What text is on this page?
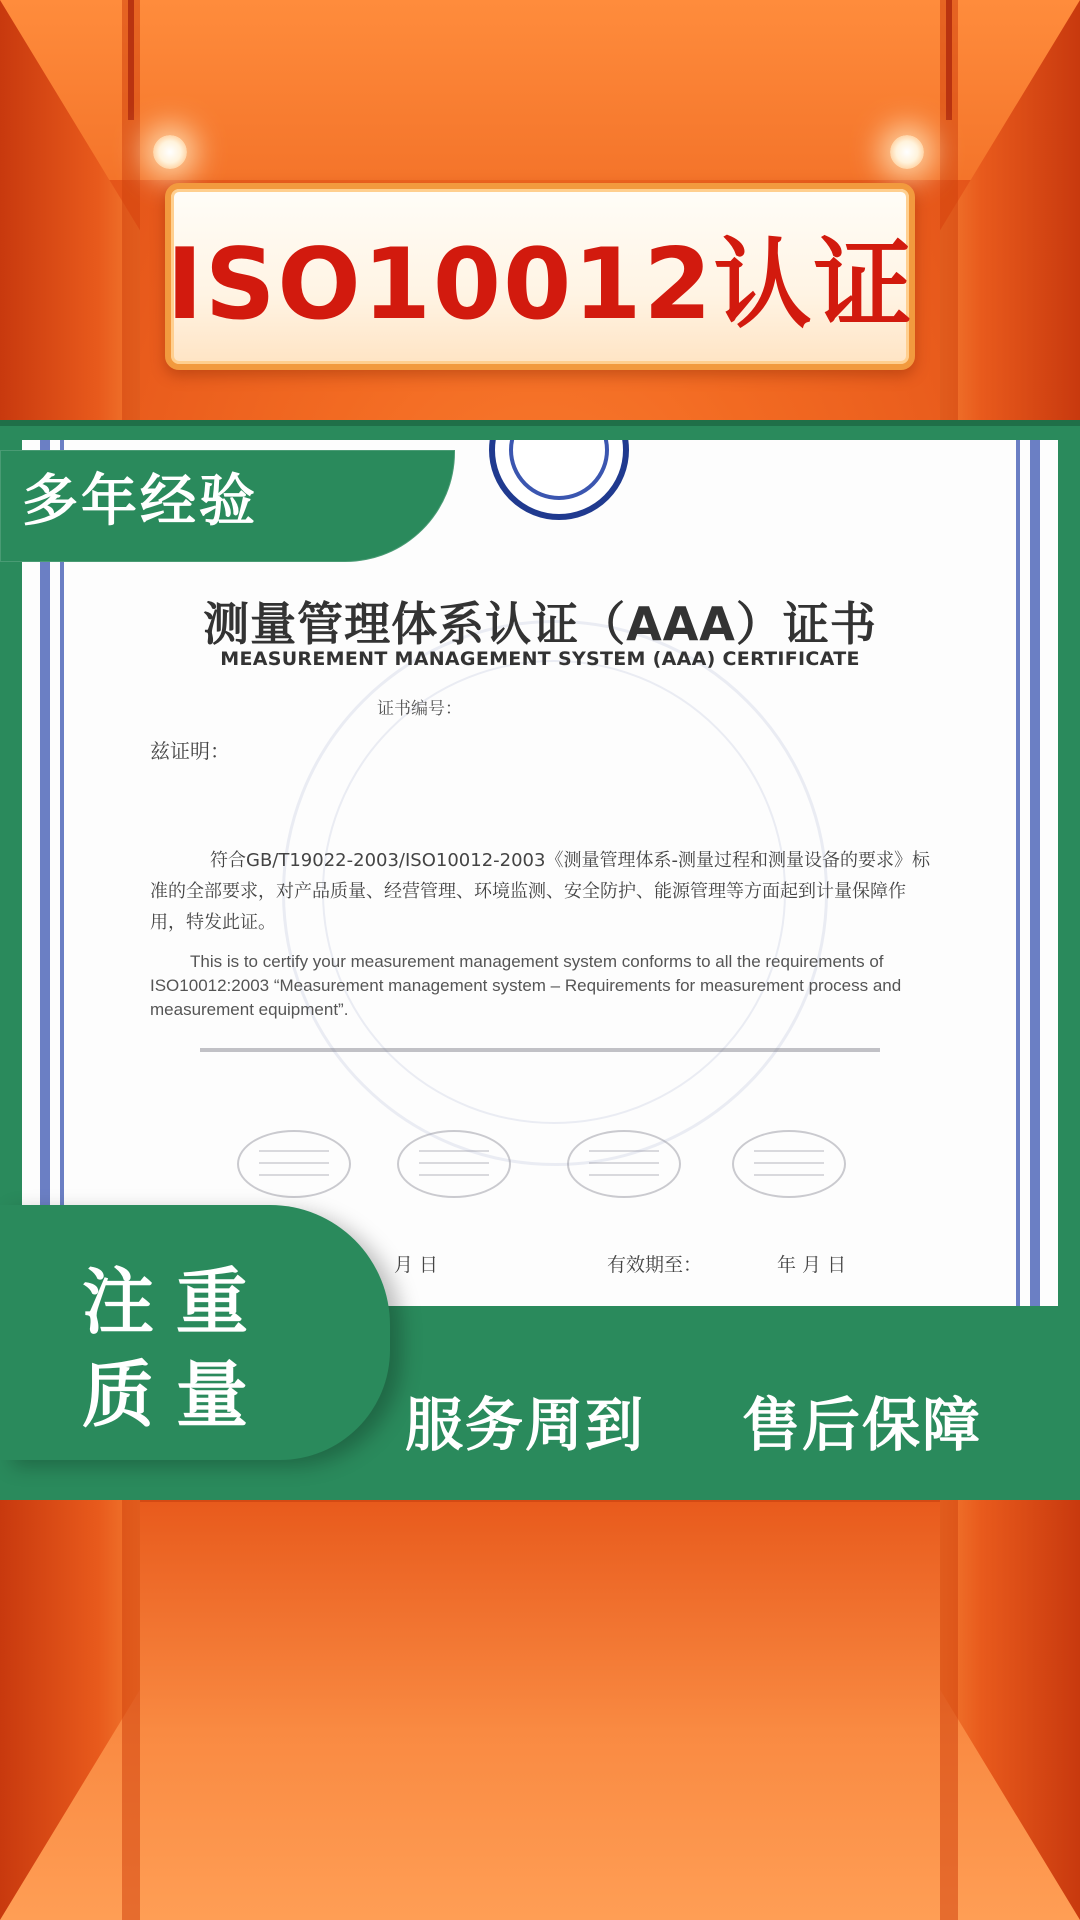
ISO10012认证
测量管理体系认证（AAA）证书
MEASUREMENT MANAGEMENT SYSTEM (AAA) CERTIFICATE
证书编号：
兹证明：
符合GB/T19022-2003/ISO10012-2003《测量管理体系-测量过程和测量设备的要求》标准的全部要求，对产品质量、经营管理、环境监测、安全防护、能源管理等方面起到计量保障作用，特发此证。
This is to certify your measurement management system conforms to all the requirements of ISO10012:2003 “Measurement management system – Requirements for measurement process and measurement equipment”.
月 日	有效期至：	年 月 日
多年经验
注重
质量 服务周到 售后保障
